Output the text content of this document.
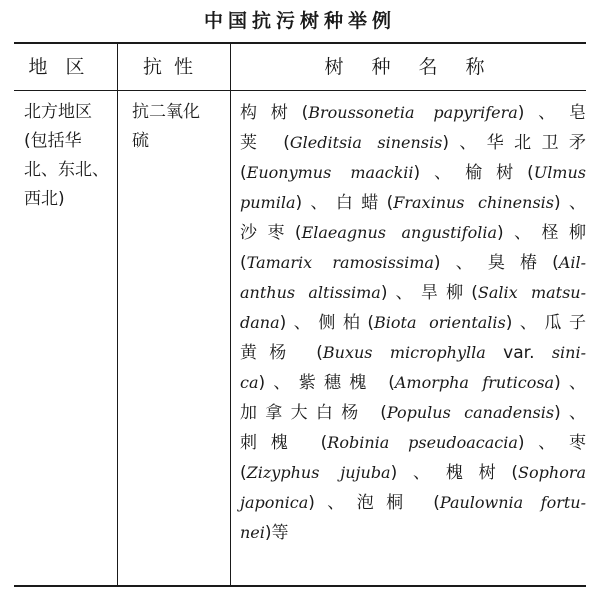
中国抗污树种举例
地区	抗性	树种名称
北方地区
(包括华
北、东北、
西北)
抗二氧化
硫
构树(Broussonetia papyrifera)、皂
荚 (Gleditsia sinensis)、华北卫矛
(Euonymus maackii)、榆树(Ulmus
pumila)、白蜡(Fraxinus chinensis)、
沙枣(Elaeagnus angustifolia)、柽柳
(Tamarix ramosissima)、臭椿(Ail-
anthus altissima)、旱柳(Salix matsu-
dana)、侧柏(Biota orientalis)、瓜子
黄杨 (Buxus microphylla var. sini-
ca)、紫穗槐 (Amorpha fruticosa)、
加拿大白杨 (Populus canadensis)、
刺槐 (Robinia pseudoacacia)、枣
(Zizyphus jujuba)、槐树(Sophora
japonica)、泡桐 (Paulownia fortu-
nei)等
